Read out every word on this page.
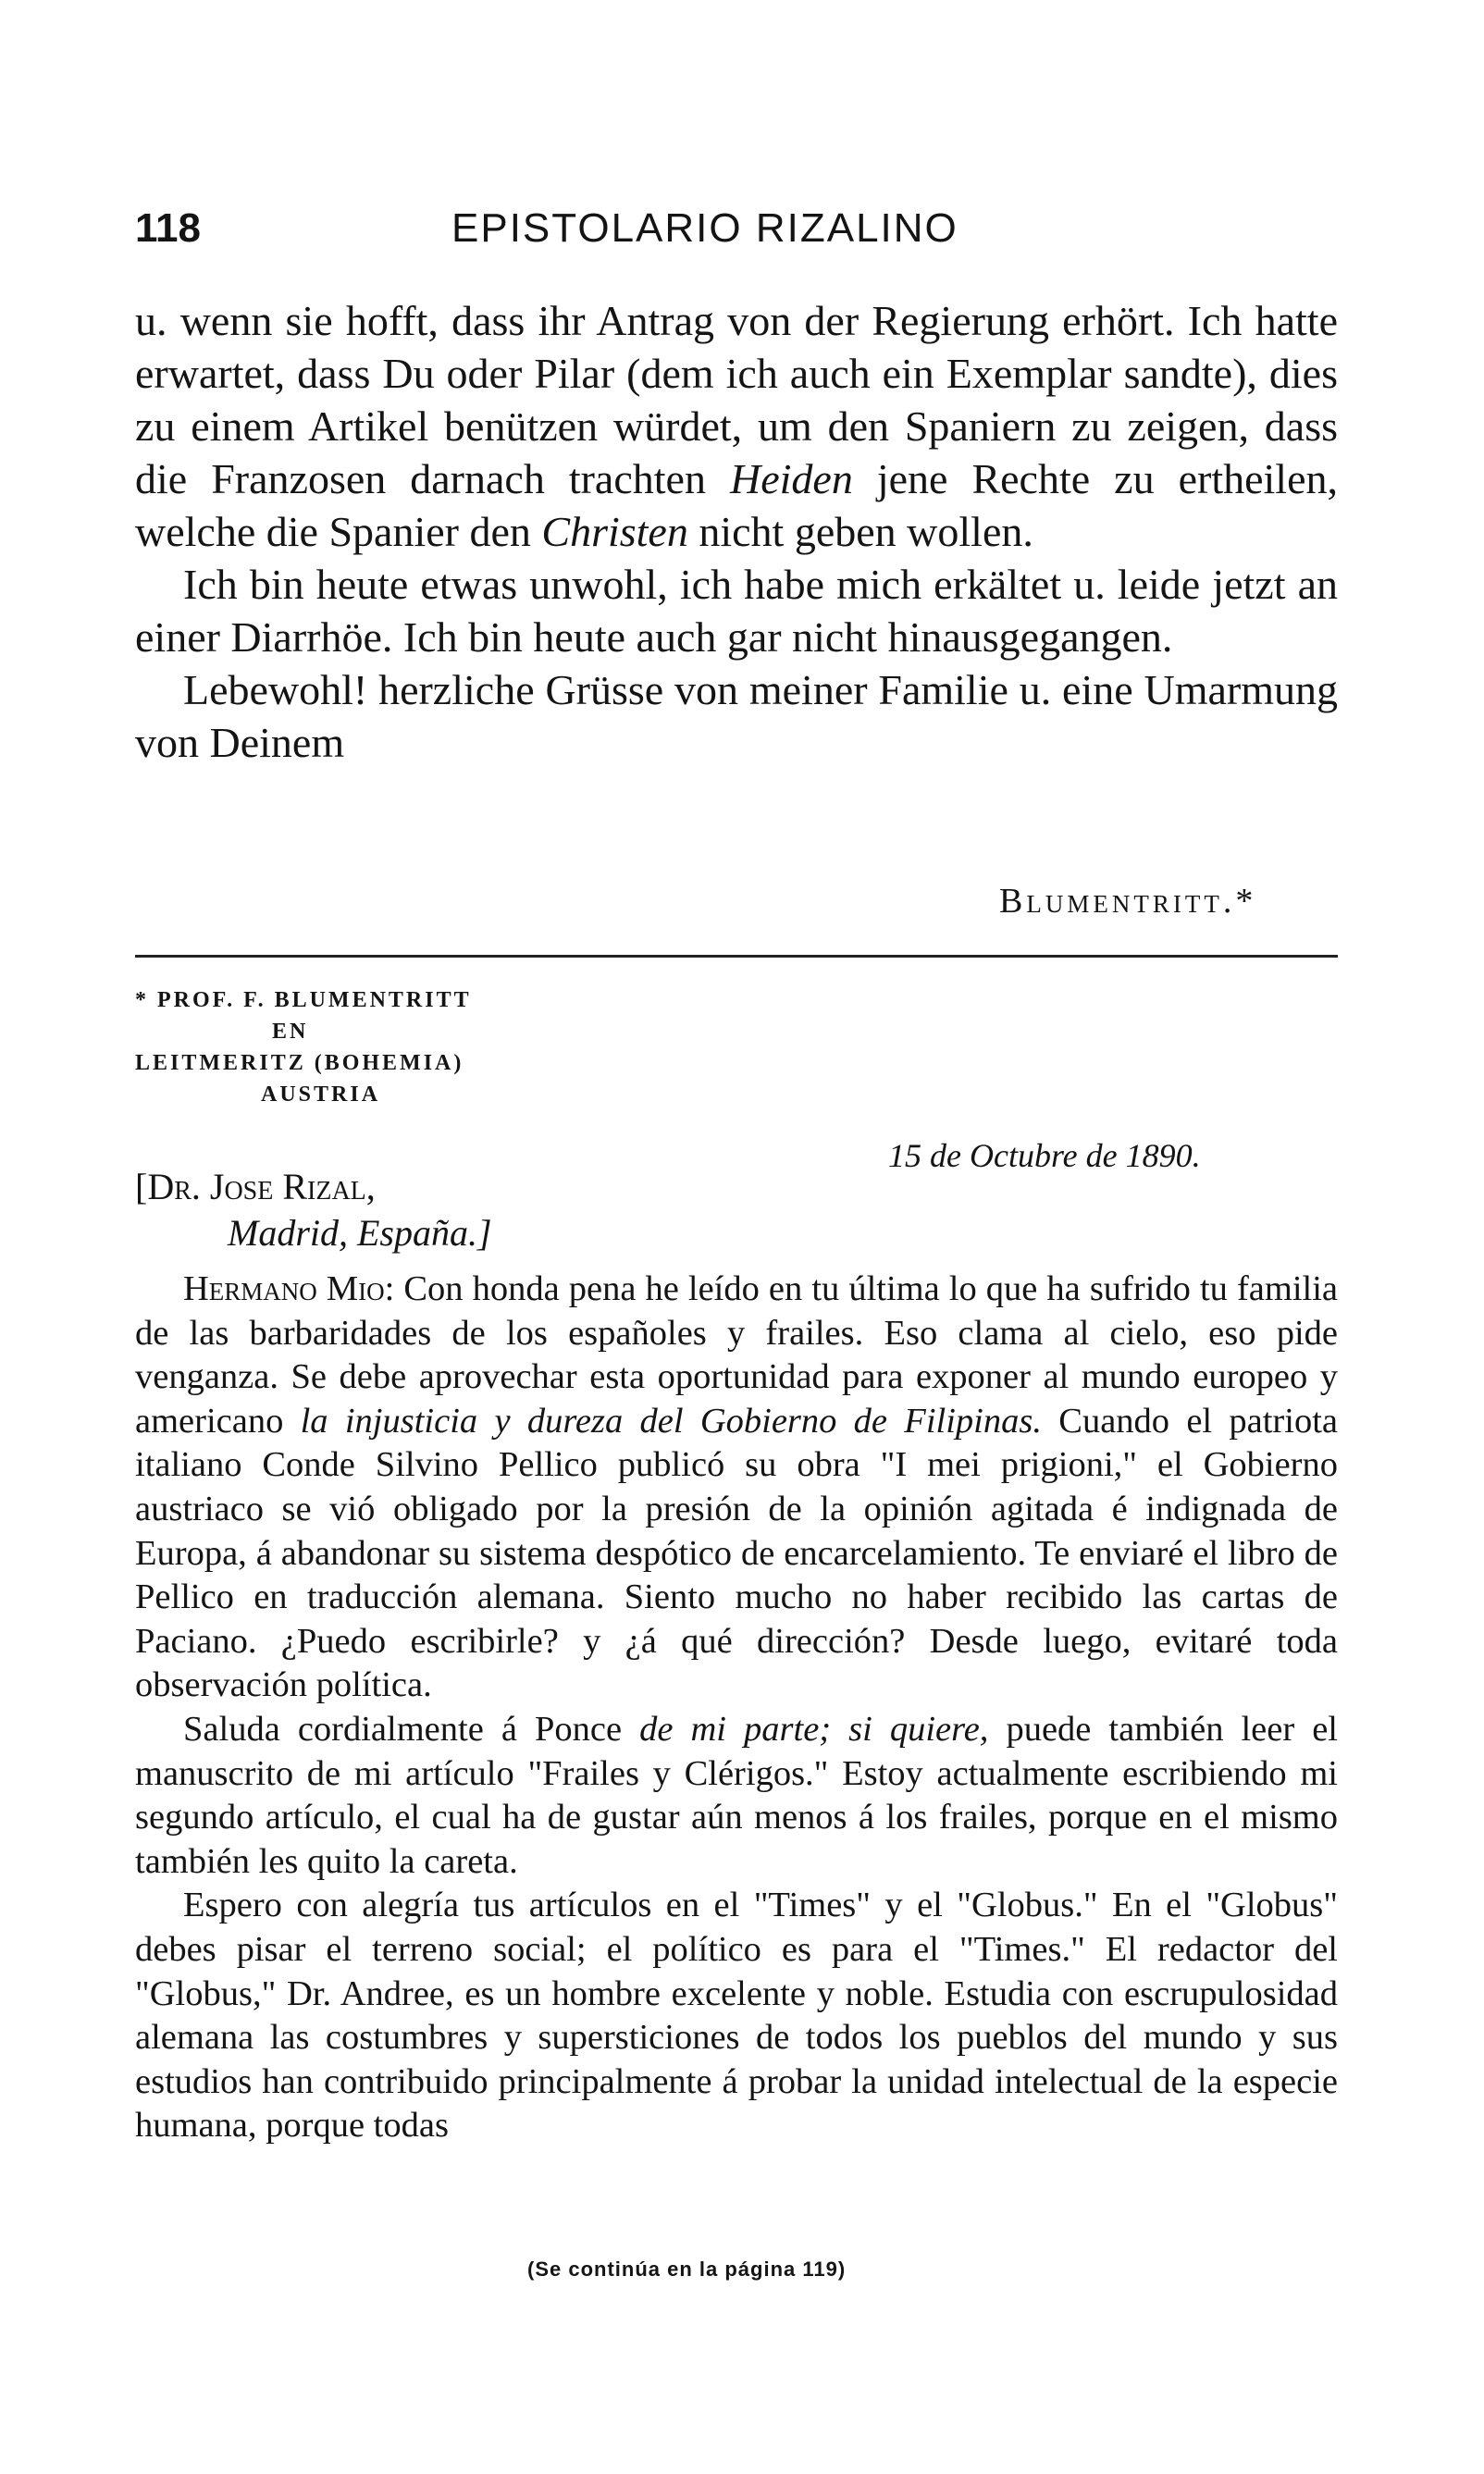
118	EPISTOLARIO RIZALINO

u. wenn sie hofft, dass ihr Antrag von der Regierung erhört. Ich hatte erwartet, dass Du oder Pilar (dem ich auch ein Exemplar sandte), dies zu einem Artikel benützen würdet, um den Spaniern zu zeigen, dass die Franzosen darnach trachten Heiden jene Rechte zu ertheilen, welche die Spanier den Christen nicht geben wollen.

Ich bin heute etwas unwohl, ich habe mich erkältet u. leide jetzt an einer Diarrhöe. Ich bin heute auch gar nicht hinausgegangen.

Lebewohl! herzliche Grüsse von meiner Familie u. eine Umarmung von Deinem

Blumentritt.*
* PROF. F. BLUMENTRITT
EN
LEITMERITZ (BOHEMIA)
AUSTRIA
15 de Octubre de 1890.
[Dr. Jose Rizal,
Madrid, España.]

Hermano Mio: Con honda pena he leído en tu última lo que ha sufrido tu familia de las barbaridades de los españoles y frailes. Eso clama al cielo, eso pide venganza. Se debe aprovechar esta oportunidad para exponer al mundo europeo y americano la injusticia y dureza del Gobierno de Filipinas. Cuando el patriota italiano Conde Silvino Pellico publicó su obra "I mei prigioni," el Gobierno austriaco se vió obligado por la presión de la opinión agitada é indignada de Europa, á abandonar su sistema despótico de encarcelamiento. Te enviaré el libro de Pellico en traducción alemana. Siento mucho no haber recibido las cartas de Paciano. ¿Puedo escribirle? y ¿á qué dirección? Desde luego, evitaré toda observación política.

Saluda cordialmente á Ponce de mi parte; si quiere, puede también leer el manuscrito de mi artículo "Frailes y Clérigos." Estoy actualmente escribiendo mi segundo artículo, el cual ha de gustar aún menos á los frailes, porque en el mismo también les quito la careta.

Espero con alegría tus artículos en el "Times" y el "Globus." En el "Globus" debes pisar el terreno social; el político es para el "Times." El redactor del "Globus," Dr. Andree, es un hombre excelente y noble. Estudia con escrupulosidad alemana las costumbres y supersticiones de todos los pueblos del mundo y sus estudios han contribuido principalmente á probar la unidad intelectual de la especie humana, porque todas

(Se continúa en la página 119)
